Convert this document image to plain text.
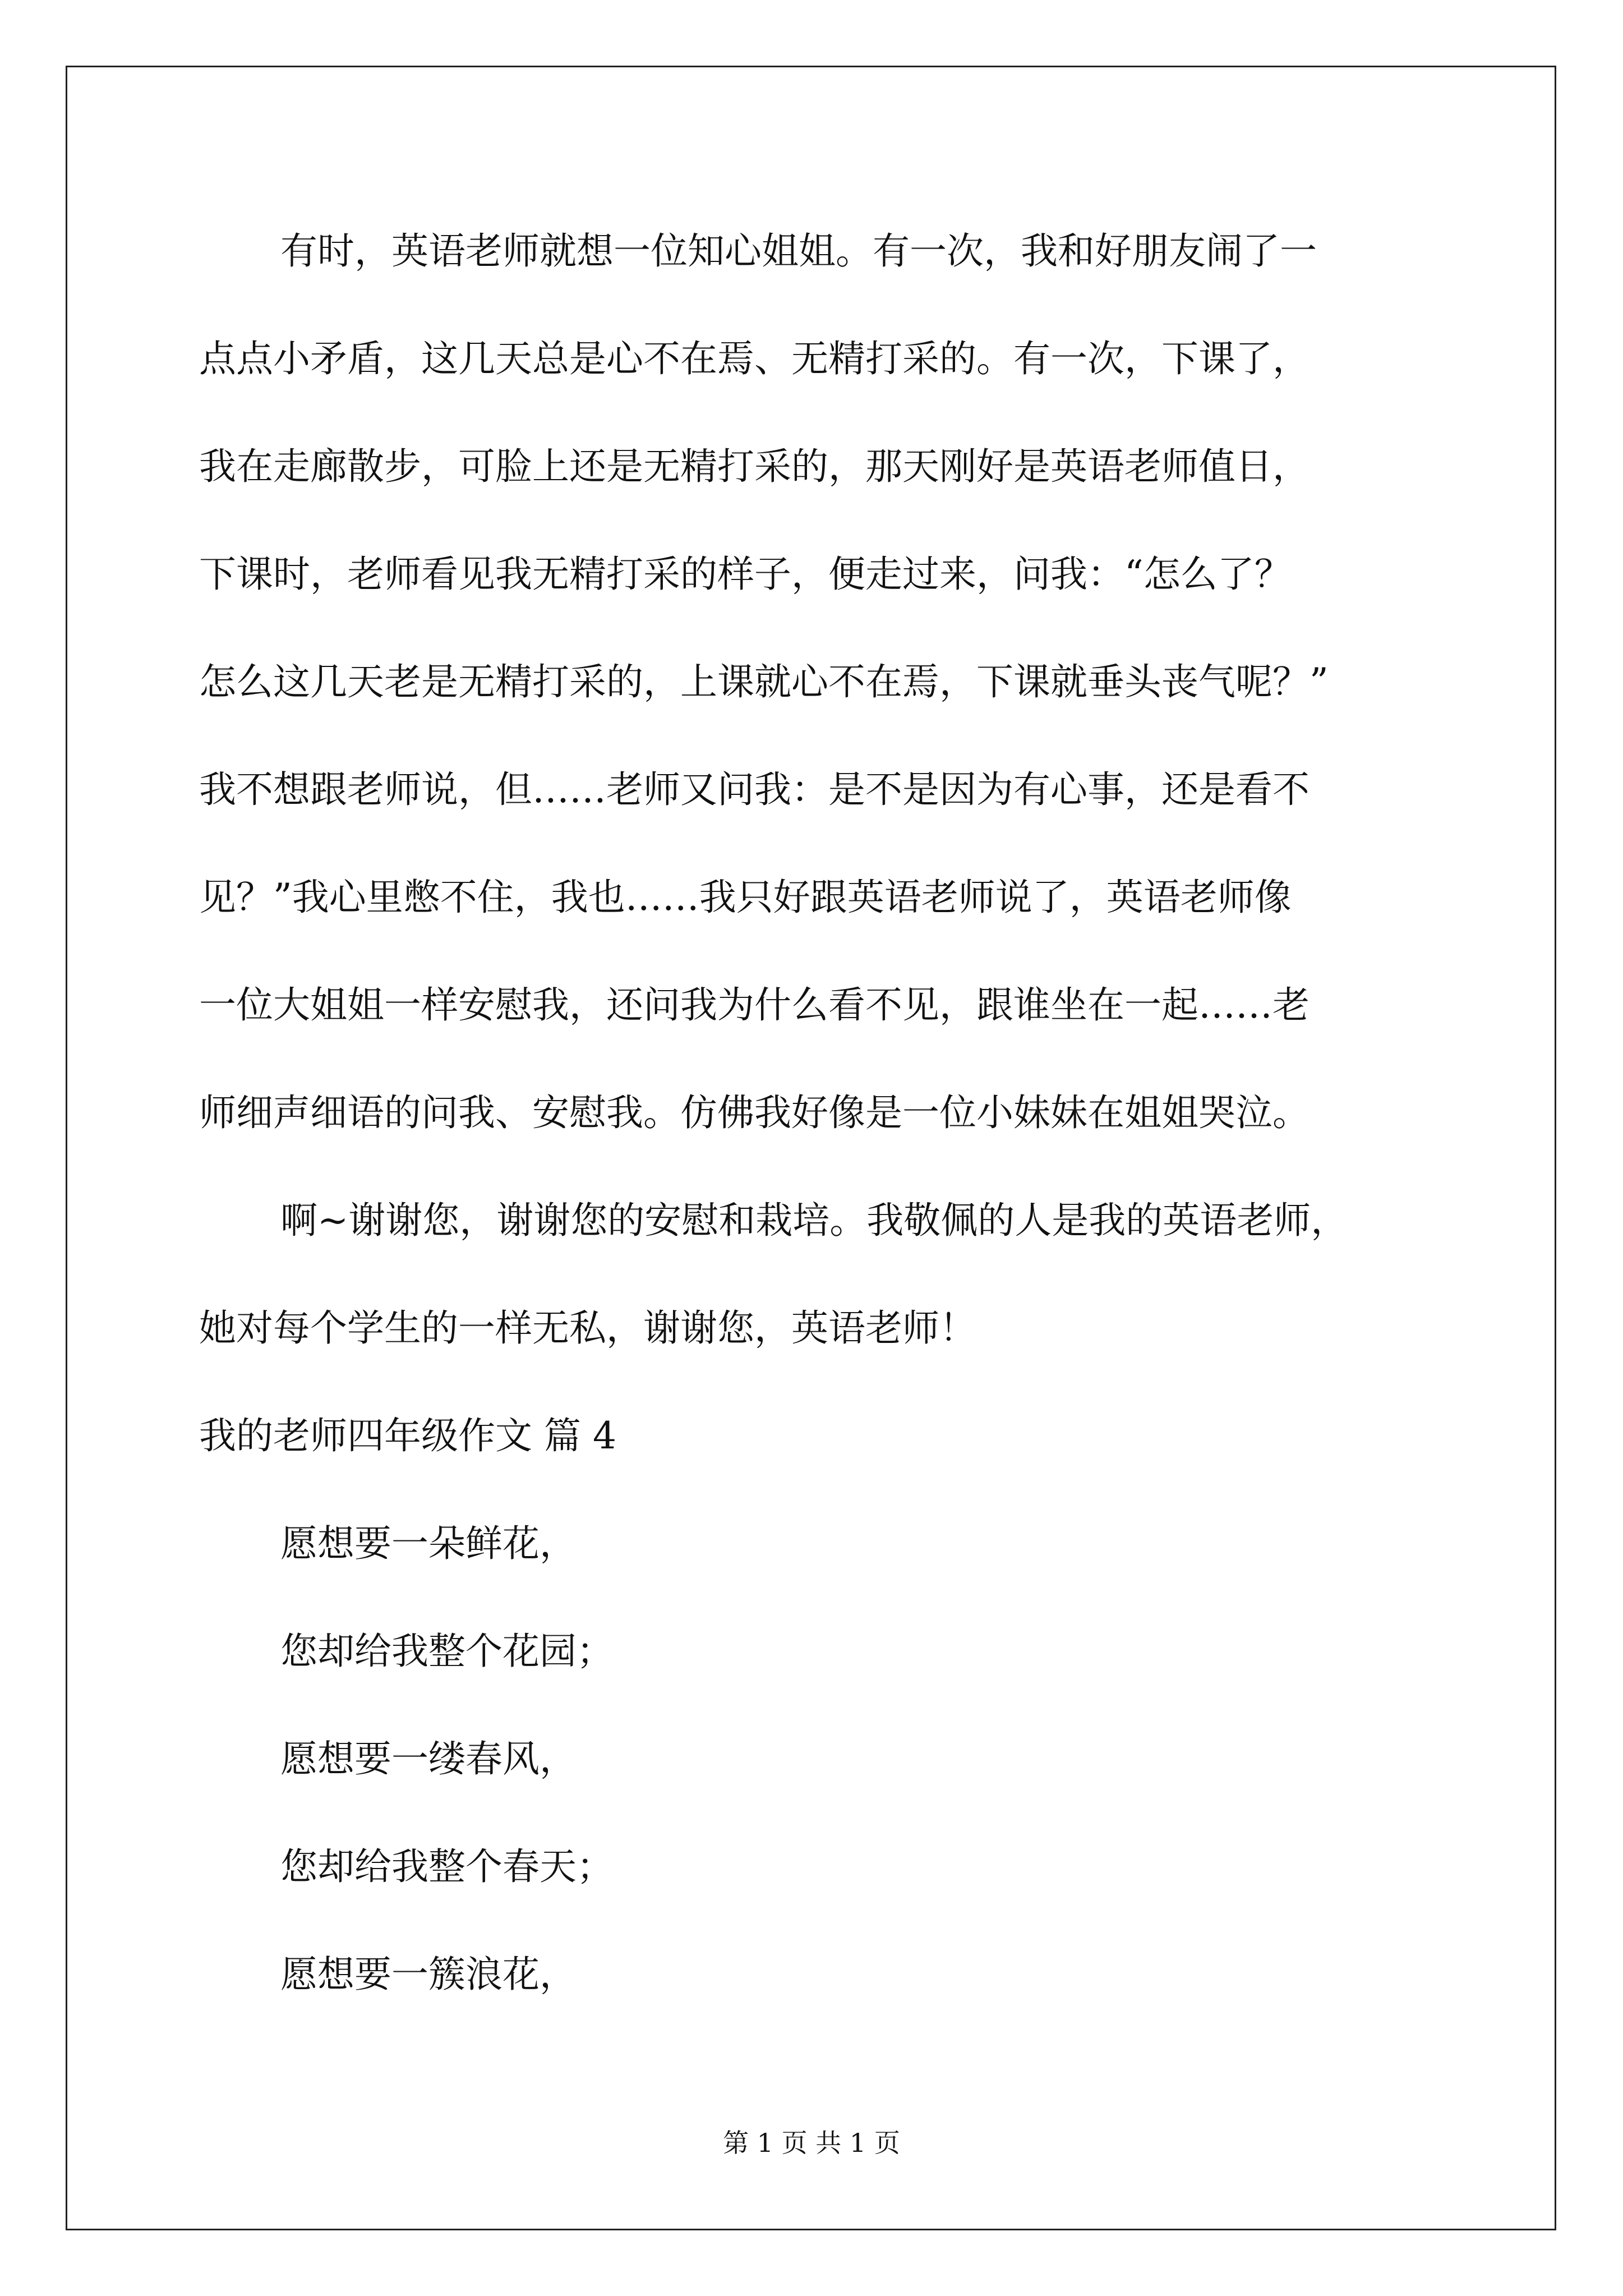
有时，英语老师就想一位知心姐姐。有一次，我和好朋友闹了一
点点小矛盾，这几天总是心不在焉、无精打采的。有一次，下课了，
我在走廊散步，可脸上还是无精打采的，那天刚好是英语老师值日，
下课时，老师看见我无精打采的样子，便走过来，问我：“怎么了？
怎么这几天老是无精打采的，上课就心不在焉，下课就垂头丧气呢？”
我不想跟老师说，但……老师又问我：是不是因为有心事，还是看不
见？”我心里憋不住，我也……我只好跟英语老师说了，英语老师像
一位大姐姐一样安慰我，还问我为什么看不见，跟谁坐在一起……老
师细声细语的问我、安慰我。仿佛我好像是一位小妹妹在姐姐哭泣。
啊~谢谢您，谢谢您的安慰和栽培。我敬佩的人是我的英语老师，
她对每个学生的一样无私，谢谢您，英语老师！
我的老师四年级作文 篇 4
愿想要一朵鲜花，
您却给我整个花园；
愿想要一缕春风，
您却给我整个春天；
愿想要一簇浪花，
第 1 页 共 1 页
